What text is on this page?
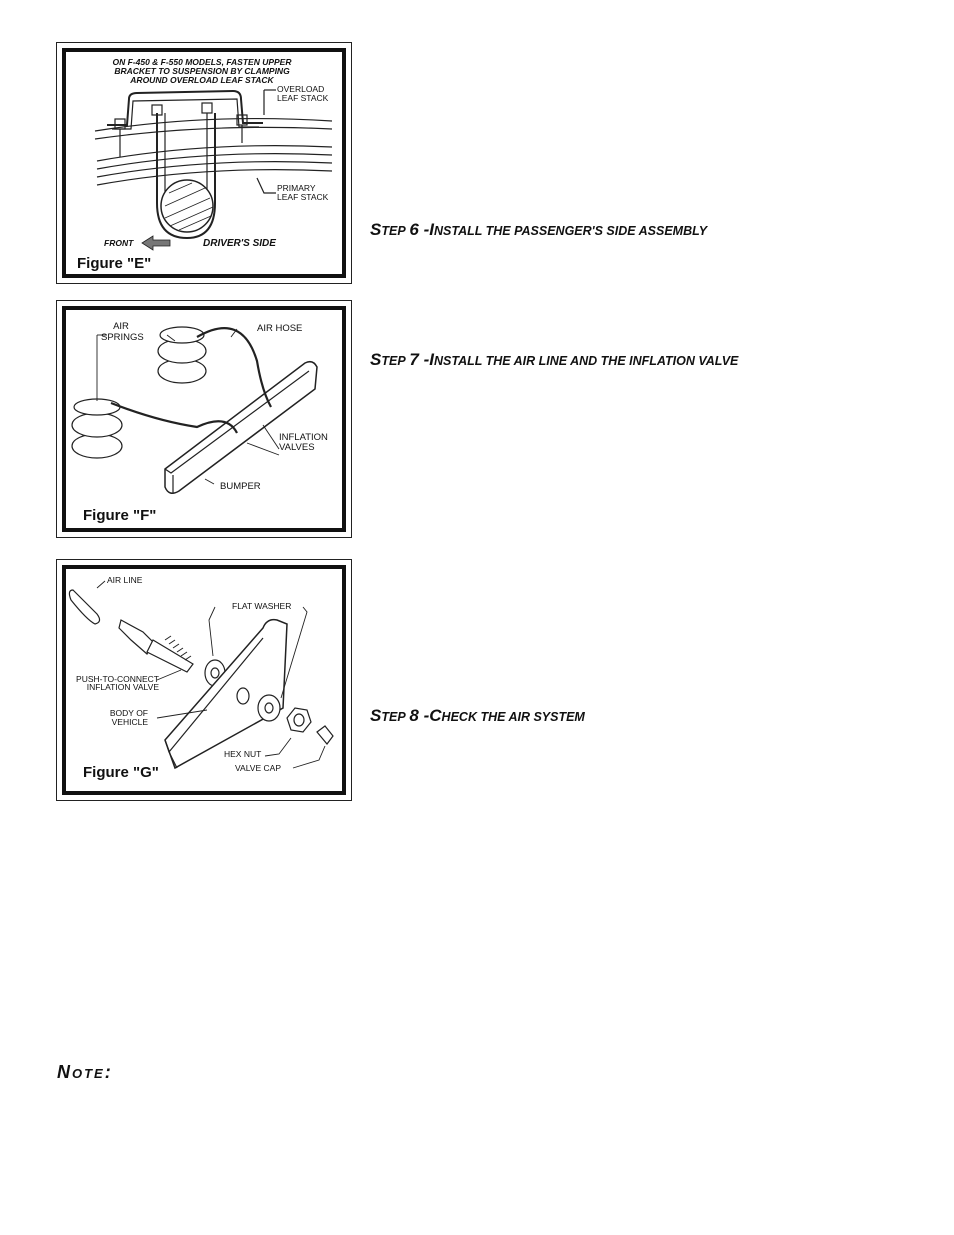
ON F-450 & F-550 MODELS, FASTEN UPPER
BRACKET TO SUSPENSION BY CLAMPING
AROUND OVERLOAD LEAF STACK
OVERLOAD
LEAF STACK
PRIMARY
LEAF STACK
FRONT	DRIVER'S SIDE
Figure "E"
AIR
SPRINGS
AIR HOSE
INFLATION
VALVES
BUMPER
Figure "F"
AIR LINE
FLAT WASHER
PUSH-TO-CONNECT
INFLATION VALVE
BODY OF
VEHICLE
HEX NUT
VALVE CAP
Figure "G"
STEP 6 -INSTALL THE PASSENGER'S SIDE ASSEMBLY
STEP 7 -INSTALL THE AIR LINE AND THE INFLATION VALVE
STEP 8 -CHECK THE AIR SYSTEM
NOTE:
